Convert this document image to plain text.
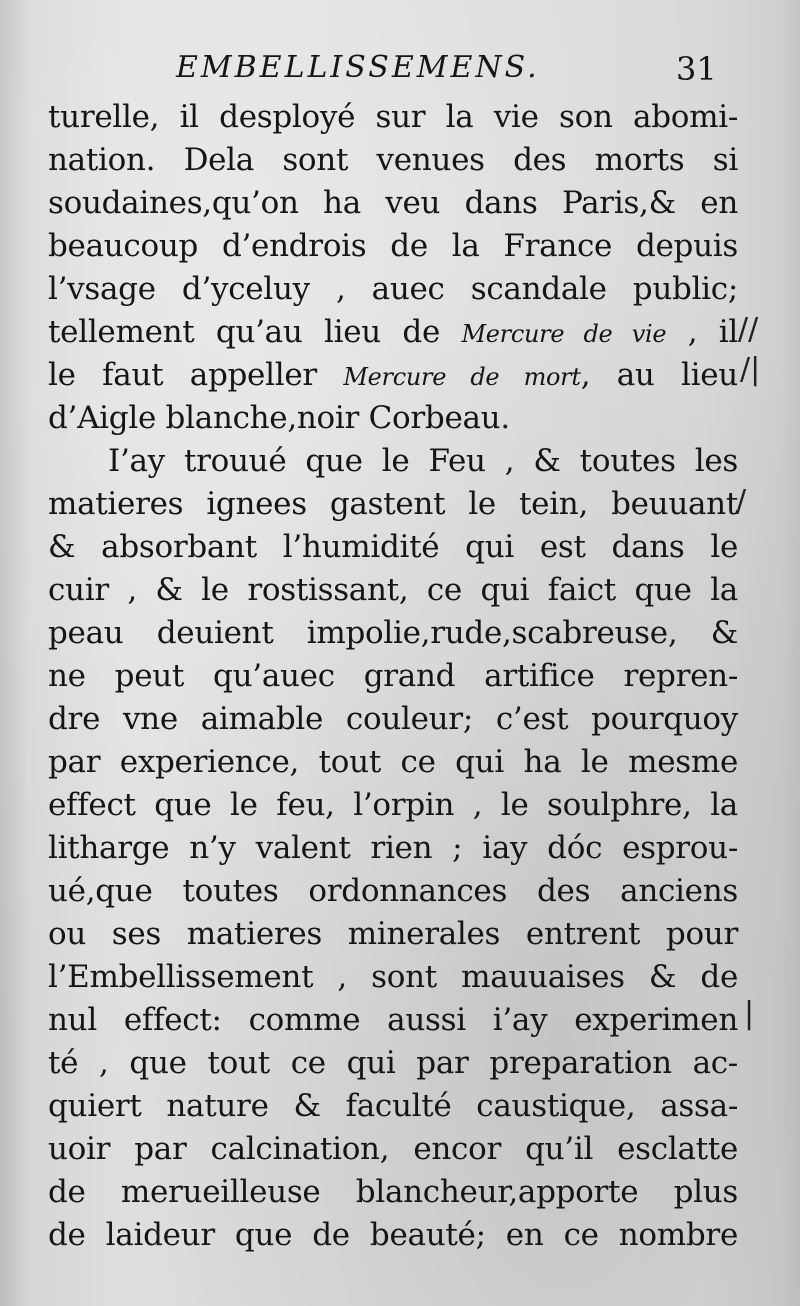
EMBELLISSEMENS.	31
turelle, il desployé sur la vie son abomi-
nation. Dela sont venues des morts si
soudaines,qu’on ha veu dans Paris,& en
beaucoup d’endrois de la France depuis
l’vsage d’yceluy , auec scandale public;
tellement qu’au lieu de Mercure de vie , il
le faut appeller Mercure de mort, au lieu
d’Aigle blanche,noir Corbeau.
I’ay trouué que le Feu , & toutes les
matieres ignees gastent le tein, beuuant
& absorbant l’humidité qui est dans le
cuir , & le rostissant, ce qui faict que la
peau deuient impolie,rude,scabreuse, &
ne peut qu’auec grand artifice repren-
dre vne aimable couleur; c’est pourquoy
par experience, tout ce qui ha le mesme
effect que le feu, l’orpin , le soulphre, la
litharge n’y valent rien ; iay dóc esprou-
ué,que toutes ordonnances des anciens
ou ses matieres minerales entrent pour
l’Embellissement , sont mauuaises & de
nul effect: comme aussi i’ay experimen
té , que tout ce qui par preparation ac-
quiert nature & faculté caustique, assa-
uoir par calcination, encor qu’il esclatte
de merueilleuse blancheur,apporte plus
de laideur que de beauté; en ce nombre
//
/|
/
|
